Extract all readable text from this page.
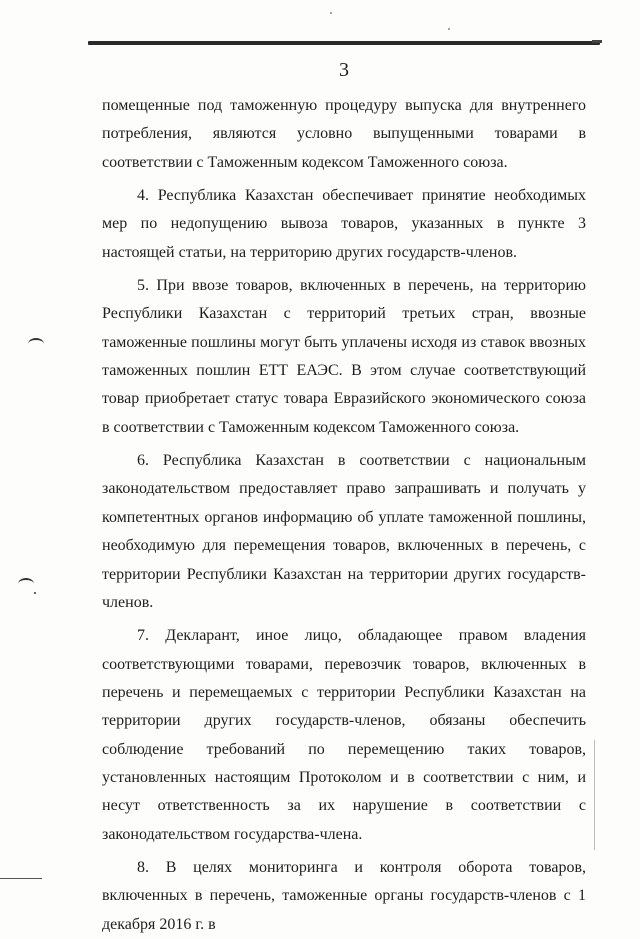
3

помещенные под таможенную процедуру выпуска для внутреннего потребления, являются условно выпущенными товарами в соответствии с Таможенным кодексом Таможенного союза.

4. Республика Казахстан обеспечивает принятие необходимых мер по недопущению вывоза товаров, указанных в пункте 3 настоящей статьи, на территорию других государств-членов.

5. При ввозе товаров, включенных в перечень, на территорию Республики Казахстан с территорий третьих стран, ввозные таможенные пошлины могут быть уплачены исходя из ставок ввозных таможенных пошлин ЕТТ ЕАЭС. В этом случае соответствующий товар приобретает статус товара Евразийского экономического союза в соответствии с Таможенным кодексом Таможенного союза.

6. Республика Казахстан в соответствии с национальным законодательством предоставляет право запрашивать и получать у компетентных органов информацию об уплате таможенной пошлины, необходимую для перемещения товаров, включенных в перечень, с территории Республики Казахстан на территории других государств-членов.

7. Декларант, иное лицо, обладающее правом владения соответствующими товарами, перевозчик товаров, включенных в перечень и перемещаемых с территории Республики Казахстан на территории других государств-членов, обязаны обеспечить соблюдение требований по перемещению таких товаров, установленных настоящим Протоколом и в соответствии с ним, и несут ответственность за их нарушение в соответствии с законодательством государства-члена.

8. В целях мониторинга и контроля оборота товаров, включенных в перечень, таможенные органы государств-членов с 1 декабря 2016 г. в
